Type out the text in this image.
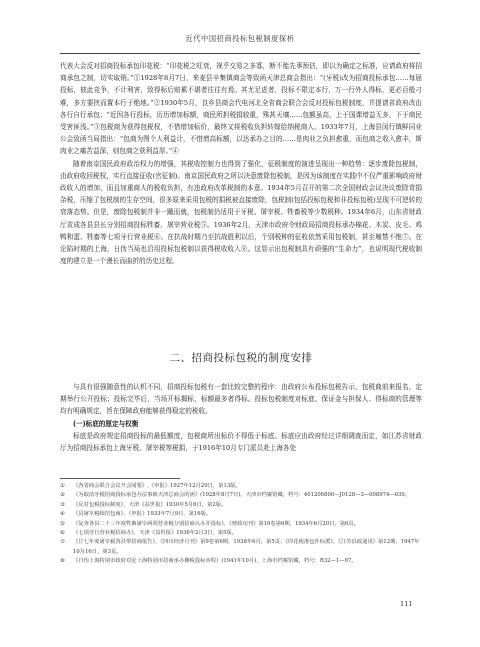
近代中国招商投标包税制度探析

代表大会反对招商投标承包印花税：“印花税之旺衰，视乎交易之多寡，断不能先事预估，即以为确定之标准，应请政府将招商承包之制，切实取销。”①1928年8月7日，来麦县辛集镇商会等致函天津总商会指出：“(牙税)改为招商投标承包……每届投标，彼此竞争，不计利害，致得标后赔累不堪者往往有焉。其尤足虑者，投标不限定本行，万一行外人得标，更必百般刁难，多方要挟而置本行于绝地。”②1930年5月，良乡县商会代电河北全省商会联合会反对投标包税制度，并提请省政府改由各行自行承包；“近因各行投标，历历增加标额，商民所担税捐较重，殊甚天壤……包额虽高，上于国课增益无多，下于商民受害匪浅。”③包税商为获得包税权，不惜增加标价，最终又将税收负担转嫁给纳税商人。1933年7月，上海县闵行镇鲜同业公会致函当局指出：“包商为图个人利益计，不惜增高标额，以达承办之目的……是肉业之负担愈重，而包商之收入愈丰，斯肉业之痛苦益深，则包商之获利益厚。”④

随着南京国民政府政治权力的增强，其税收控制力也得到了强化，征税制度的演进呈现出一种趋势：逐步废除包税制，由政府收回税权，实行直接征收(官征制)。南京国民政府之所以决意废除包税制，是因为该制度在实践中不仅严重影响政府财政收入的增加，而且加重商人的税收负担，有违政府改革税制的本意。1934年5月召开的第二次全国财政会议决议废除苛捐杂税，压缩了包税制的生存空间，很多原来采用包税的捐税被直接废除，包税制(包括投标包税和非投标包税)呈现不可逆转的衰落态势。但是，废除包税制并非一蹴而就，包税制仍适用于牙税、屠宰税、牲畜税等少数税种。1934年6月，山东省财政厅责成各县县长分别招商投标牲畜、屠宰营业税⑤。1936年2月，天津市政府令财政局招商投标承办棉花、木炭、皮毛、鸡鸭和蛋、牲畜等七项牙行营业税⑥。在抗战时期乃至抗战胜利以后，个别税种的征收依然采用包税制，甚至堰禁不绝⑦。在沦陷时期的上海，日伪当局也沿用投标包税制以获得税收收入⑧。这显示出包税制具有顽强的“生命力”，也说明现代税收制度的建立是一个漫长而曲折的历史过程。

二、招商投标包税的制度安排

与具有很强随意性的认机不同，招商投标包税有一套比较完整的程序：由政府公布投标包税告示，包税商前来报名，定期举行公开投标；投标完毕后，当场开标揭标，标额最多者得标。投标包税制度对标底、保证金与担保人、得标商的管理等均有明确规定，旨在保障政府能够获得稳定的税收。

(一)标底的厘定与权衡

标底是政府规定招商投标的最低额度，包税商所出标价不得低于标底。标底应由政府经过详细调查而定，如江苏省财政厅为招商投标承包上海牙税、屠宰税等税捐，于1916年10月专门派员赴上海各处

①	《各省商会联合会议开会闻要》,《申报》1927年12月29日，第13版。
②	《为取消牙税招商投标承包办法事致天津总商会的函》(1928年8月7日)，天津市档案馆藏，档号：401206800—J0128—3—008974—039。
③	《反对包税投标制度》，天津《益世报》1930年5月6日，第2版。
④	《县屠宰税续招包商》，《申报》1933年7月9日，第16版。
⑤	《复查各县二十三年度牲畜屠宰两项营业税分别招商认办并投标》，《财政旬刊》第10卷第6期，1934年6月20日，第6页。
⑥	《七项牙行营业税招商办》，天津《益世报》1936年2月3日，第5版。
⑦	《廿七年度屠宰税各县带招商报告》，《四川经济月刊》第9卷第6期，1938年6月，第5页；《印花税准包扑标派》，《江苏县政通讯》第12期，1947年10月16日，第3页。
⑧	《日伪上海特别市政府对沦上海特别市招商承办摊税投标章程》(1941年10月)，上海市档案馆藏，档号：R32—1—97。
111
